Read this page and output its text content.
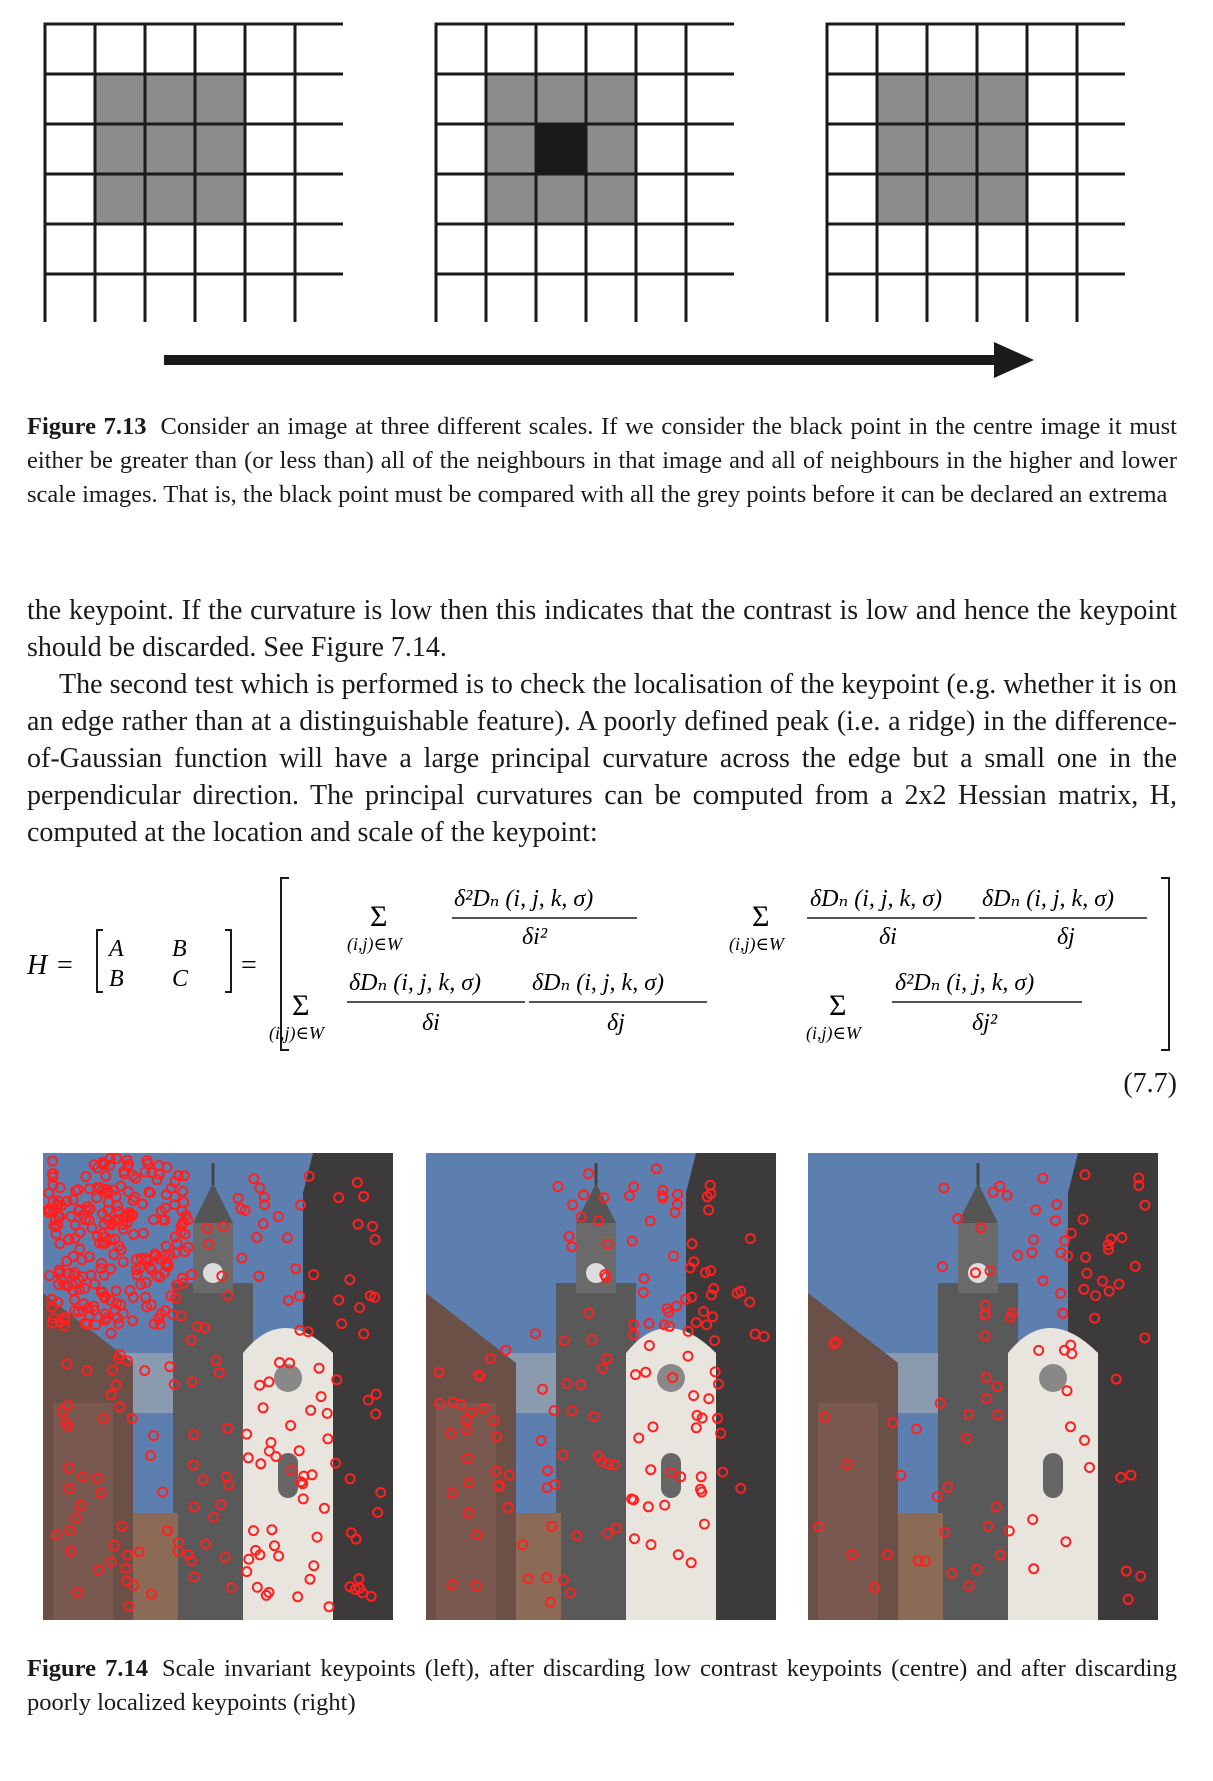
Figure 7.13 Consider an image at three different scales. If we consider the black point in the centre image it must either be greater than (or less than) all of the neighbours in that image and all of neighbours in the higher and lower scale images. That is, the black point must be compared with all the grey points before it can be declared an extrema

the keypoint. If the curvature is low then this indicates that the contrast is low and hence the keypoint should be discarded. See Figure 7.14.

The second test which is performed is to check the localisation of the keypoint (e.g. whether it is on an edge rather than at a distinguishable feature). A poorly defined peak (i.e. a ridge) in the difference-of-Gaussian function will have a large principal curvature across the edge but a small one in the perpendicular direction. The principal curvatures can be computed from a 2x2 Hessian matrix, H, computed at the location and scale of the keypoint:

H =
A B
B C =
Σ
(i,j)∈W
δ²Dₙ (i, j, k, σ)
δi²
Σ
(i,j)∈W
δDₙ (i, j, k, σ)
δi
δDₙ (i, j, k, σ)
δj
Σ
(i,j)∈W
δDₙ (i, j, k, σ)
δi
δDₙ (i, j, k, σ)
δj
Σ
(i,j)∈W
δ²Dₙ (i, j, k, σ)
δj²
(7.7)
Figure 7.14 Scale invariant keypoints (left), after discarding low contrast keypoints (centre) and after discarding poorly localized keypoints (right)
